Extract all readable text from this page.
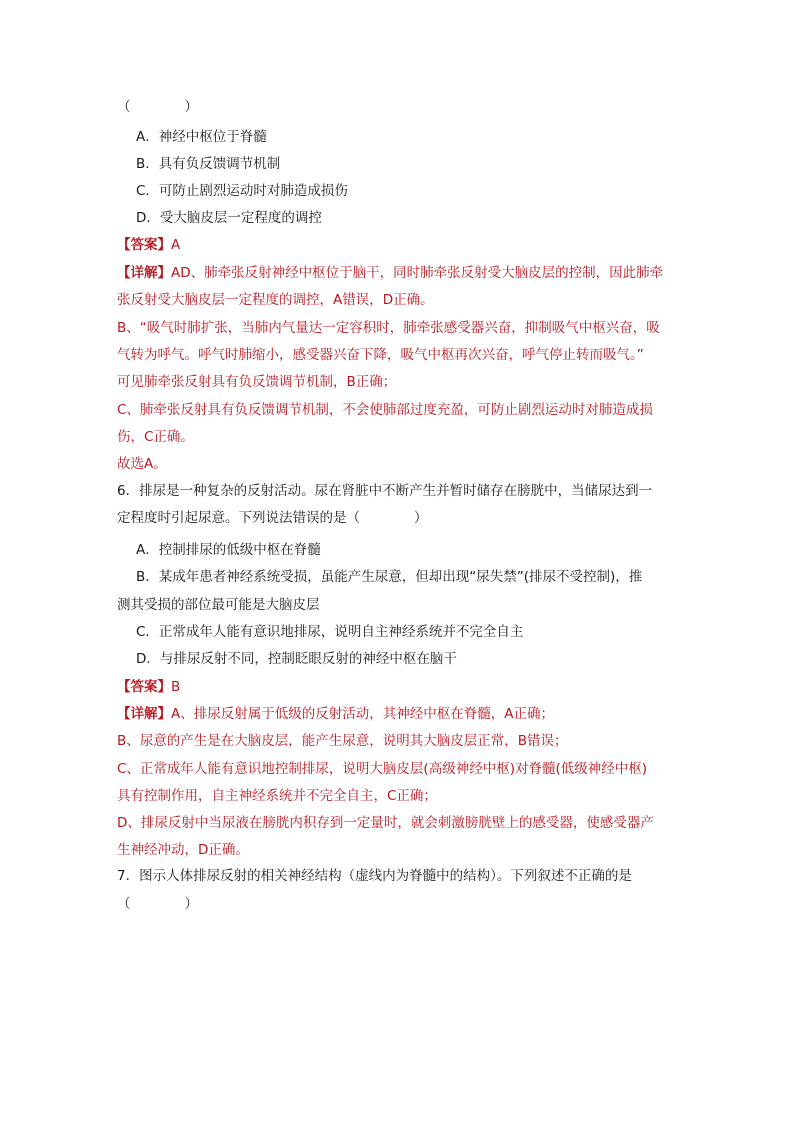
（　　　　）
A．神经中枢位于脊髓
B．具有负反馈调节机制
C．可防止剧烈运动时对肺造成损伤
D．受大脑皮层一定程度的调控
【答案】A
【详解】AD、肺牵张反射神经中枢位于脑干，同时肺牵张反射受大脑皮层的控制，因此肺牵
张反射受大脑皮层一定程度的调控，A错误，D正确。
B、“吸气时肺扩张，当肺内气量达一定容积时，肺牵张感受器兴奋，抑制吸气中枢兴奋，吸
气转为呼气。呼气时肺缩小，感受器兴奋下降，吸气中枢再次兴奋，呼气停止转而吸气。”
可见肺牵张反射具有负反馈调节机制，B正确；
C、肺牵张反射具有负反馈调节机制，不会使肺部过度充盈，可防止剧烈运动时对肺造成损
伤，C正确。
故选A。
6．排尿是一种复杂的反射活动。尿在肾脏中不断产生并暂时储存在膀胱中，当储尿达到一
定程度时引起尿意。下列说法错误的是（　　　　）
A．控制排尿的低级中枢在脊髓
B．某成年患者神经系统受损，虽能产生尿意，但却出现“尿失禁”(排尿不受控制)，推
测其受损的部位最可能是大脑皮层
C．正常成年人能有意识地排尿，说明自主神经系统并不完全自主
D．与排尿反射不同，控制眨眼反射的神经中枢在脑干
【答案】B
【详解】A、排尿反射属于低级的反射活动，其神经中枢在脊髓，A正确；
B、尿意的产生是在大脑皮层，能产生尿意，说明其大脑皮层正常，B错误；
C、正常成年人能有意识地控制排尿，说明大脑皮层(高级神经中枢)对脊髓(低级神经中枢)
具有控制作用，自主神经系统并不完全自主，C正确；
D、排尿反射中当尿液在膀胱内积存到一定量时，就会刺激膀胱壁上的感受器，使感受器产
生神经冲动，D正确。
7．图示人体排尿反射的相关神经结构（虚线内为脊髓中的结构）。下列叙述不正确的是
（　　　　）
